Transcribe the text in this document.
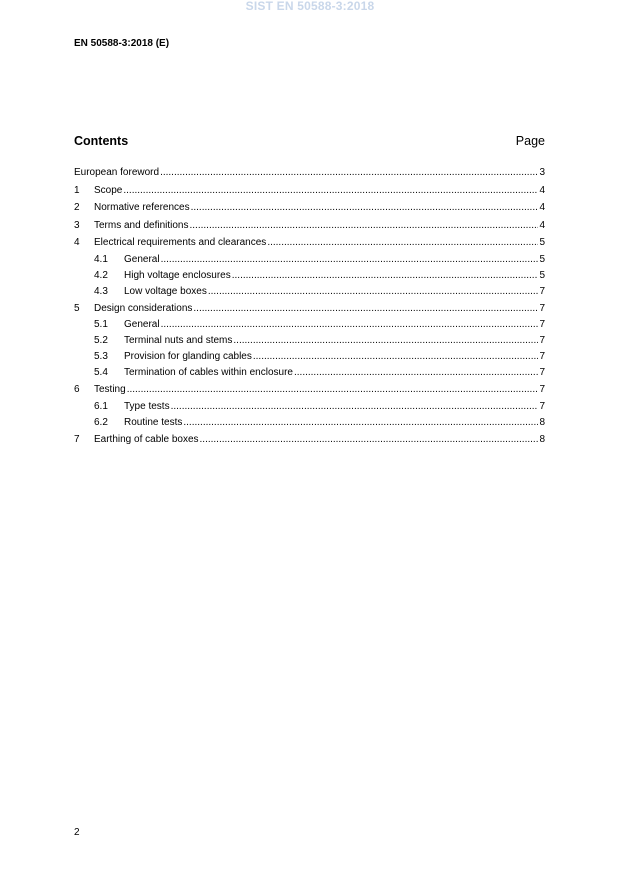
SIST EN 50588-3:2018
EN 50588-3:2018 (E)
Contents	Page
European foreword .....	3
1	Scope .....	4
2	Normative references .....	4
3	Terms and definitions .....	4
4	Electrical requirements and clearances .....	5
4.1	General .....	5
4.2	High voltage enclosures .....	5
4.3	Low voltage boxes .....	7
5	Design considerations .....	7
5.1	General .....	7
5.2	Terminal nuts and stems .....	7
5.3	Provision for glanding cables .....	7
5.4	Termination of cables within enclosure .....	7
6	Testing .....	7
6.1	Type tests .....	7
6.2	Routine tests .....	8
7	Earthing of cable boxes .....	8
2
